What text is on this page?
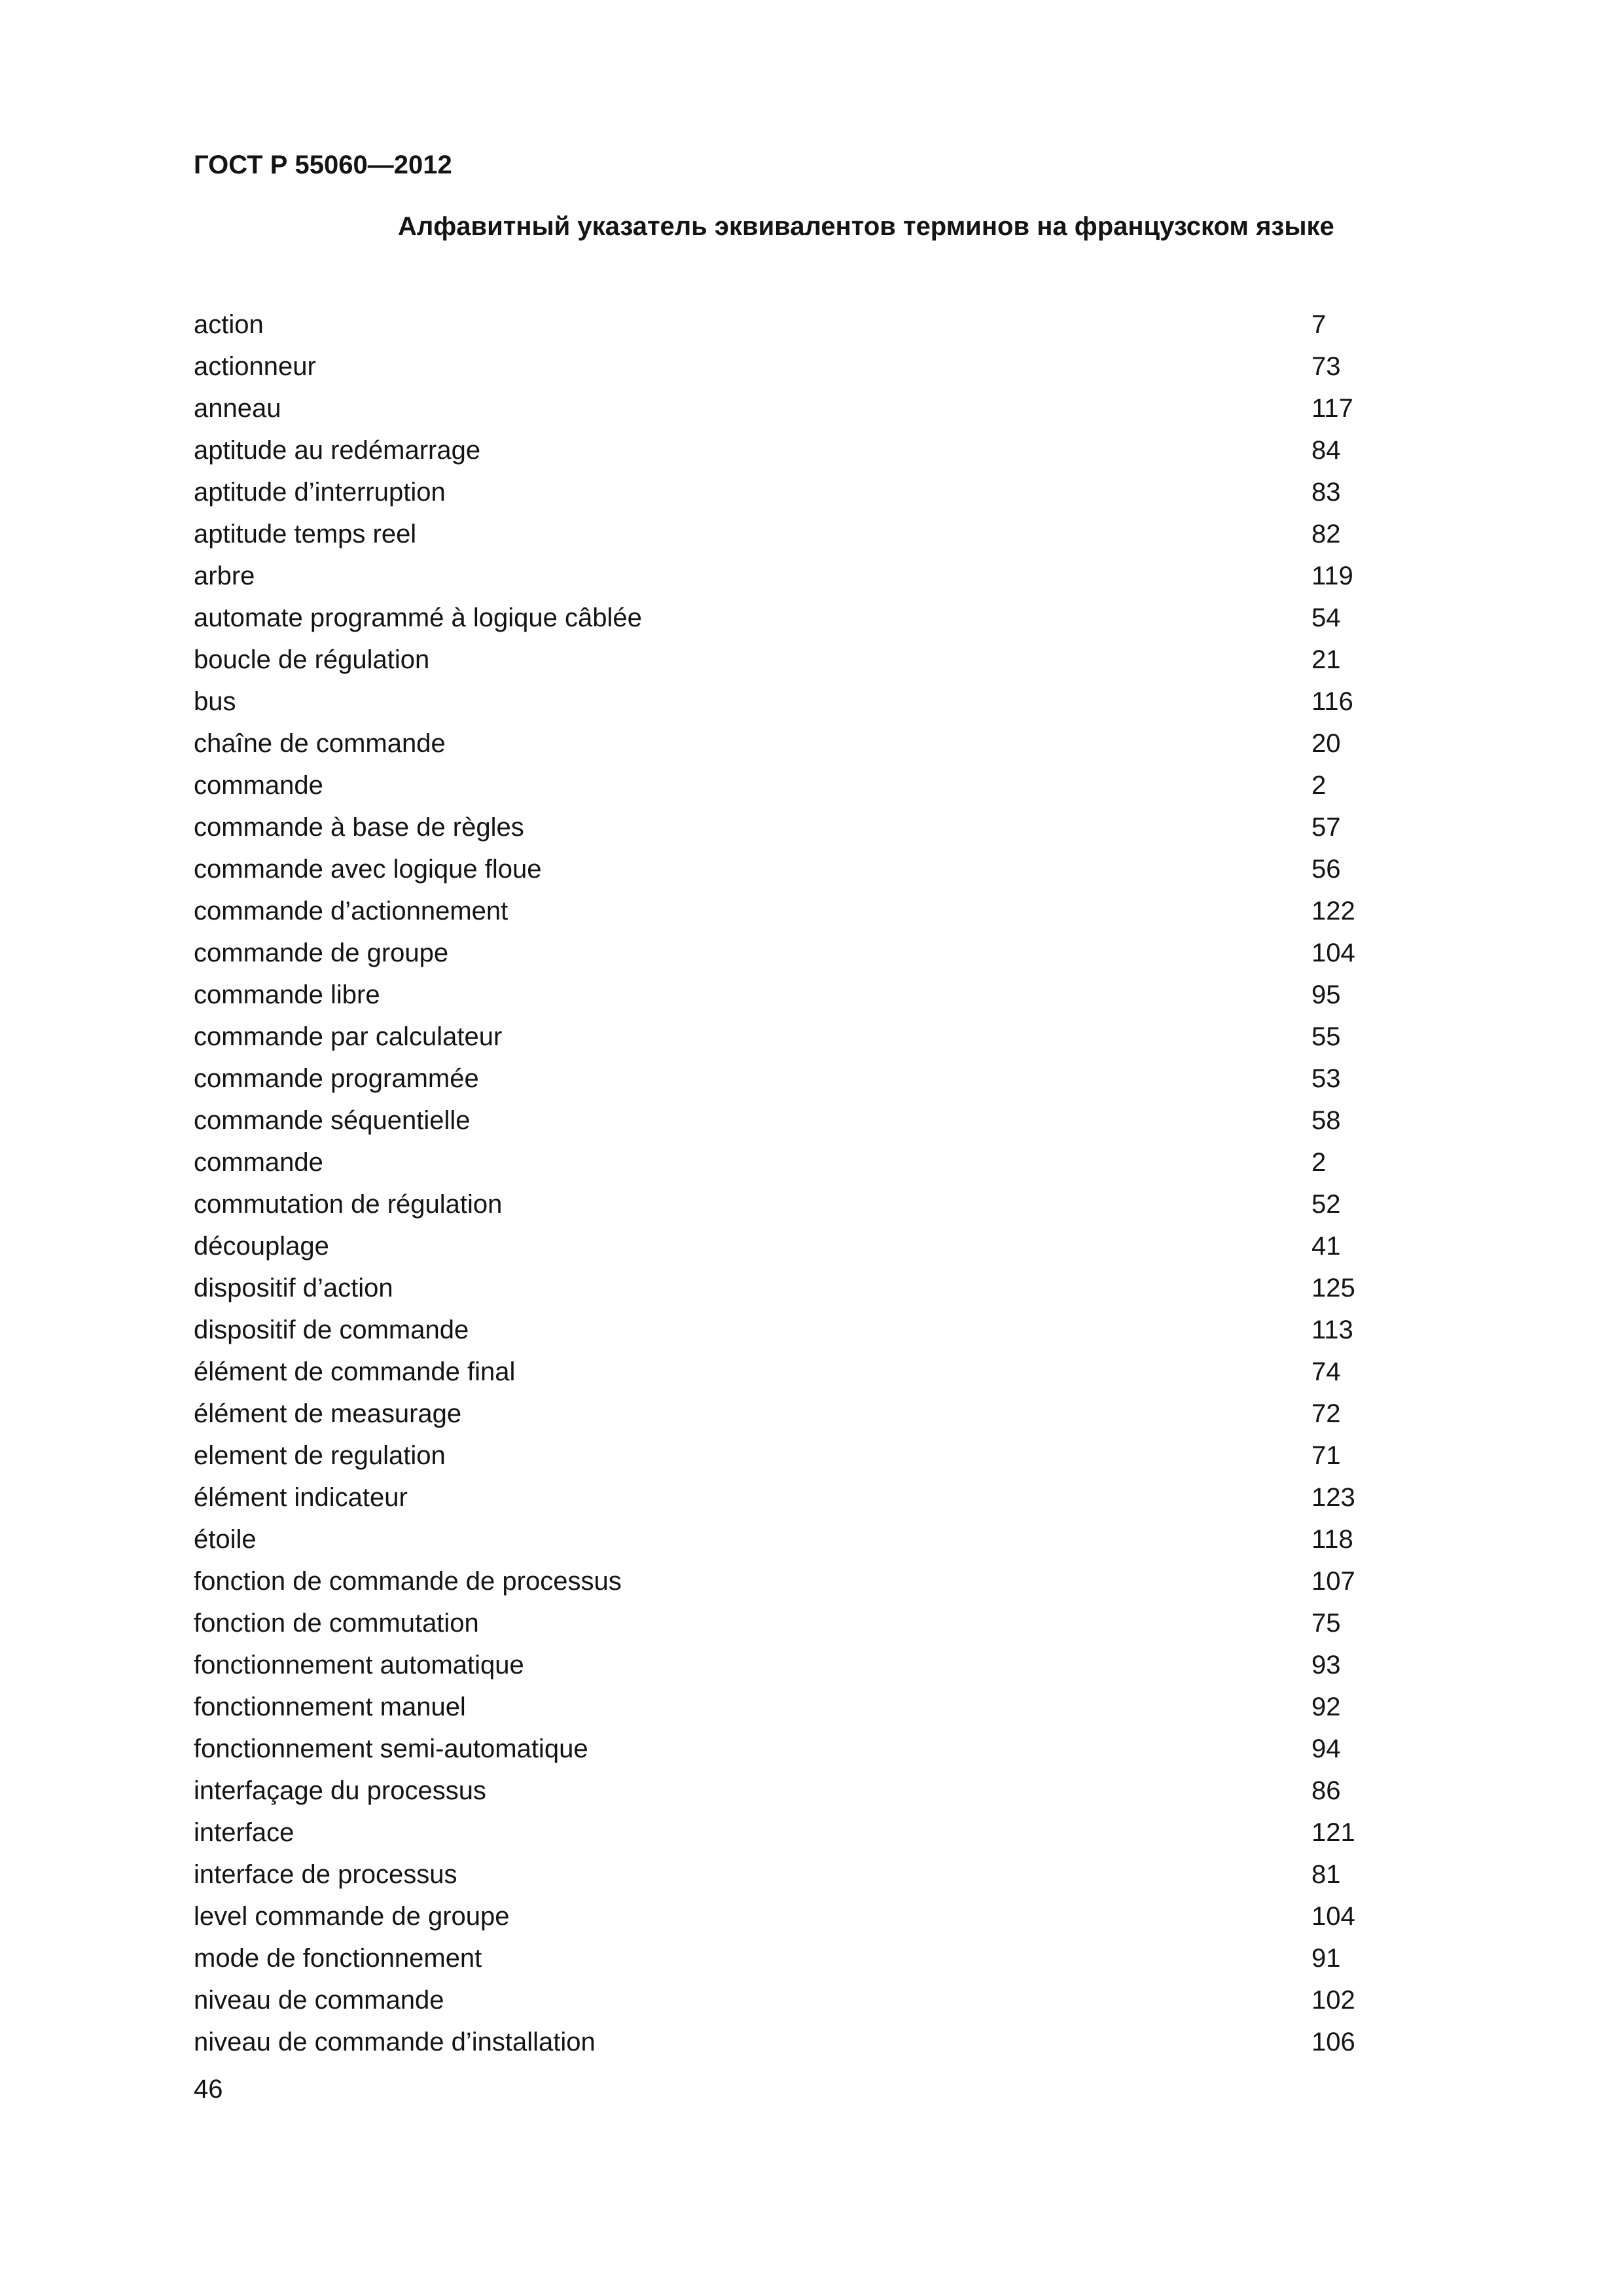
ГОСТ Р 55060—2012
Алфавитный указатель эквивалентов терминов на французском языке
action	7
actionneur	73
anneau	117
aptitude au redémarrage	84
aptitude d’interruption	83
aptitude temps reel	82
arbre	119
automate programmé à logique câblée	54
boucle de régulation	21
bus	116
chaîne de commande	20
commande	2
commande à base de règles	57
commande avec logique floue	56
commande d’actionnement	122
commande de groupe	104
commande libre	95
commande par calculateur	55
commande programmée	53
commande séquentielle	58
commande	2
commutation de régulation	52
découplage	41
dispositif d’action	125
dispositif de commande	113
élément de commande final	74
élément de measurage	72
element de regulation	71
élément indicateur	123
étoile	118
fonction de commande de processus	107
fonction de commutation	75
fonctionnement automatique	93
fonctionnement manuel	92
fonctionnement semi-automatique	94
interfaçage du processus	86
interface	121
interface de processus	81
level commande de groupe	104
mode de fonctionnement	91
niveau de commande	102
niveau de commande d’installation	106
46
